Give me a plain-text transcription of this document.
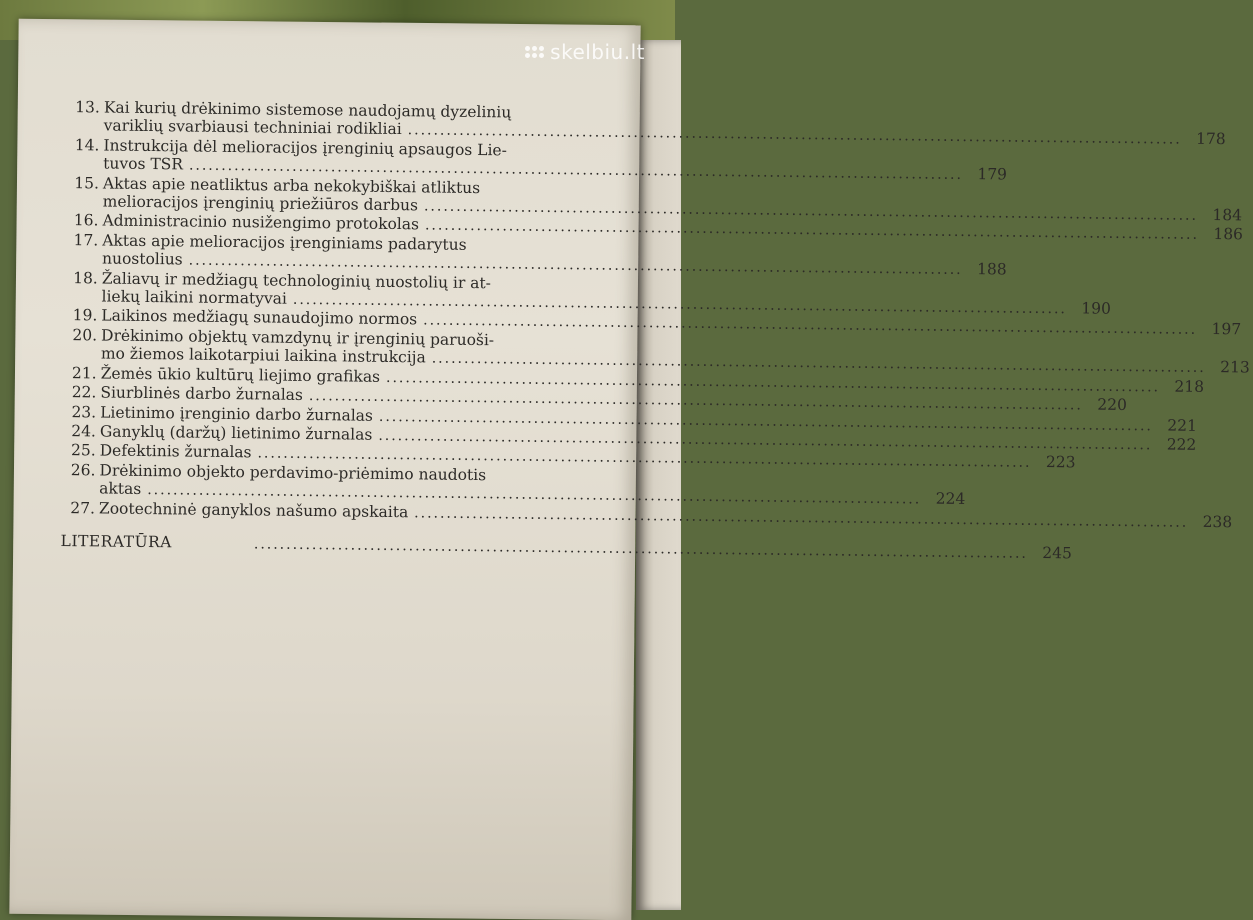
skelbiu.lt
13. Kai kurių drėkinimo sistemose naudojamų dyzelinių
variklių svarbiausi techniniai rodikliai
.....
178
14. Instrukcija dėl melioracijos įrenginių apsaugos Lie-
tuvos TSR
.....
179
15. Aktas apie neatliktus arba nekokybiškai atliktus
melioracijos įrenginių priežiūros darbus
.....
184
16. Administracinio nusižengimo protokolas
.....
186
17. Aktas apie melioracijos įrenginiams padarytus
nuostolius
.....
188
18. Žaliavų ir medžiagų technologinių nuostolių ir at-
liekų laikini normatyvai
.....
190
19. Laikinos medžiagų sunaudojimo normos
.....
197
20. Drėkinimo objektų vamzdynų ir įrenginių paruoši-
mo žiemos laikotarpiui laikina instrukcija
.....
213
21. Žemės ūkio kultūrų liejimo grafikas
.....
218
22. Siurblinės darbo žurnalas
.....
220
23. Lietinimo įrenginio darbo žurnalas
.....
221
24. Ganyklų (daržų) lietinimo žurnalas
.....
222
25. Defektinis žurnalas
.....
223
26. Drėkinimo objekto perdavimo-priėmimo naudotis
aktas
.....
224
27. Zootechninė ganyklos našumo apskaita
.....
238
LITERATŪRA
.....
245
